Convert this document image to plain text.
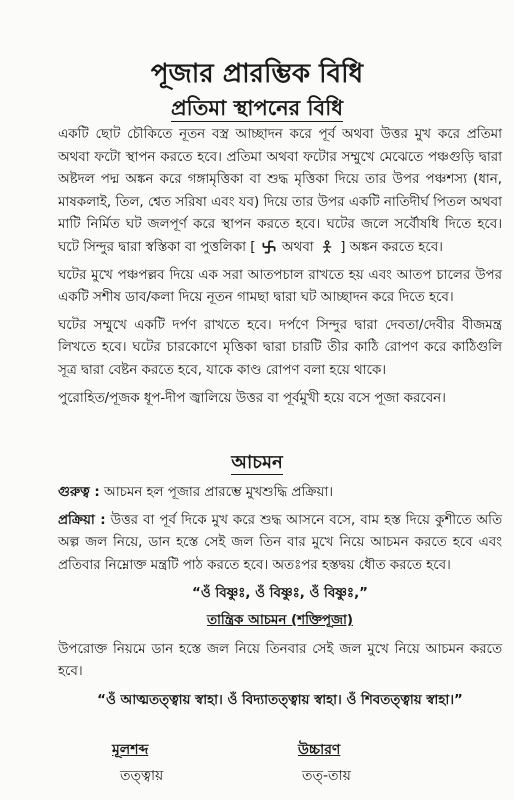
পূজার প্রারম্ভিক বিধি
প্রতিমা স্থাপনের বিধি

একটি ছোট চৌকিতে নূতন বস্ত্র আচ্ছাদন করে পূর্ব অথবা উত্তর মুখ করে প্রতিমা অথবা ফটো স্থাপন করতে হবে। প্রতিমা অথবা ফটোর সম্মুখে মেঝেতে পঞ্চগুড়ি দ্বারা অষ্টদল পদ্ম অঙ্কন করে গঙ্গামৃত্তিকা বা শুদ্ধ মৃত্তিকা দিয়ে তার উপর পঞ্চশস্য (ধান, মাষকলাই, তিল, শ্বেত সরিষা এবং যব) দিয়ে তার উপর একটি নাতিদীর্ঘ পিতল অথবা মাটি নির্মিত ঘট জলপূর্ণ করে স্থাপন করতে হবে। ঘটের জলে সর্বৌষধি দিতে হবে। ঘটে সিন্দুর দ্বারা স্বস্তিকা বা পুত্তলিকা [ অথবা ] অঙ্কন করতে হবে।

ঘটের মুখে পঞ্চপল্লব দিয়ে এক সরা আতপচাল রাখতে হয় এবং আতপ চালের উপর একটি সশীষ ডাব/কলা দিয়ে নূতন গামছা দ্বারা ঘট আচ্ছাদন করে দিতে হবে।

ঘটের সম্মুখে একটি দর্পণ রাখতে হবে। দর্পণে সিন্দুর দ্বারা দেবতা/দেবীর বীজমন্ত্র লিখতে হবে। ঘটের চারকোণে মৃত্তিকা দ্বারা চারটি তীর কাঠি রোপণ করে কাঠিগুলি সূত্র দ্বারা বেষ্টন করতে হবে, যাকে কাণ্ড রোপণ বলা হয়ে থাকে।

পুরোহিত/পূজক ধূপ-দীপ জ্বালিয়ে উত্তর বা পূর্বমুখী হয়ে বসে পূজা করবেন।

আচমন

গুরুত্ব : আচমন হল পূজার প্রারম্ভে মুখশুদ্ধি প্রক্রিয়া।

প্রক্রিয়া : উত্তর বা পূর্ব দিকে মুখ করে শুদ্ধ আসনে বসে, বাম হস্ত দিয়ে কুশীতে অতি অল্প জল নিয়ে, ডান হস্তে সেই জল তিন বার মুখে নিয়ে আচমন করতে হবে এবং প্রতিবার নিম্নোক্ত মন্ত্রটি পাঠ করতে হবে। অতঃপর হস্তদ্বয় ধৌত করতে হবে।

“ওঁ বিষ্ণুঃ, ওঁ বিষ্ণুঃ, ওঁ বিষ্ণুঃ,”

তান্ত্রিক আচমন (শক্তিপূজা)

উপরোক্ত নিয়মে ডান হস্তে জল নিয়ে তিনবার সেই জল মুখে নিয়ে আচমন করতে হবে।

“ওঁ আত্মতত্ত্বায় স্বাহা। ওঁ বিদ্যাতত্ত্বায় স্বাহা। ওঁ শিবতত্ত্বায় স্বাহা।”

মূলশব্দ	উচ্চারণ
তত্ত্বায়	তত্‌-তায়
